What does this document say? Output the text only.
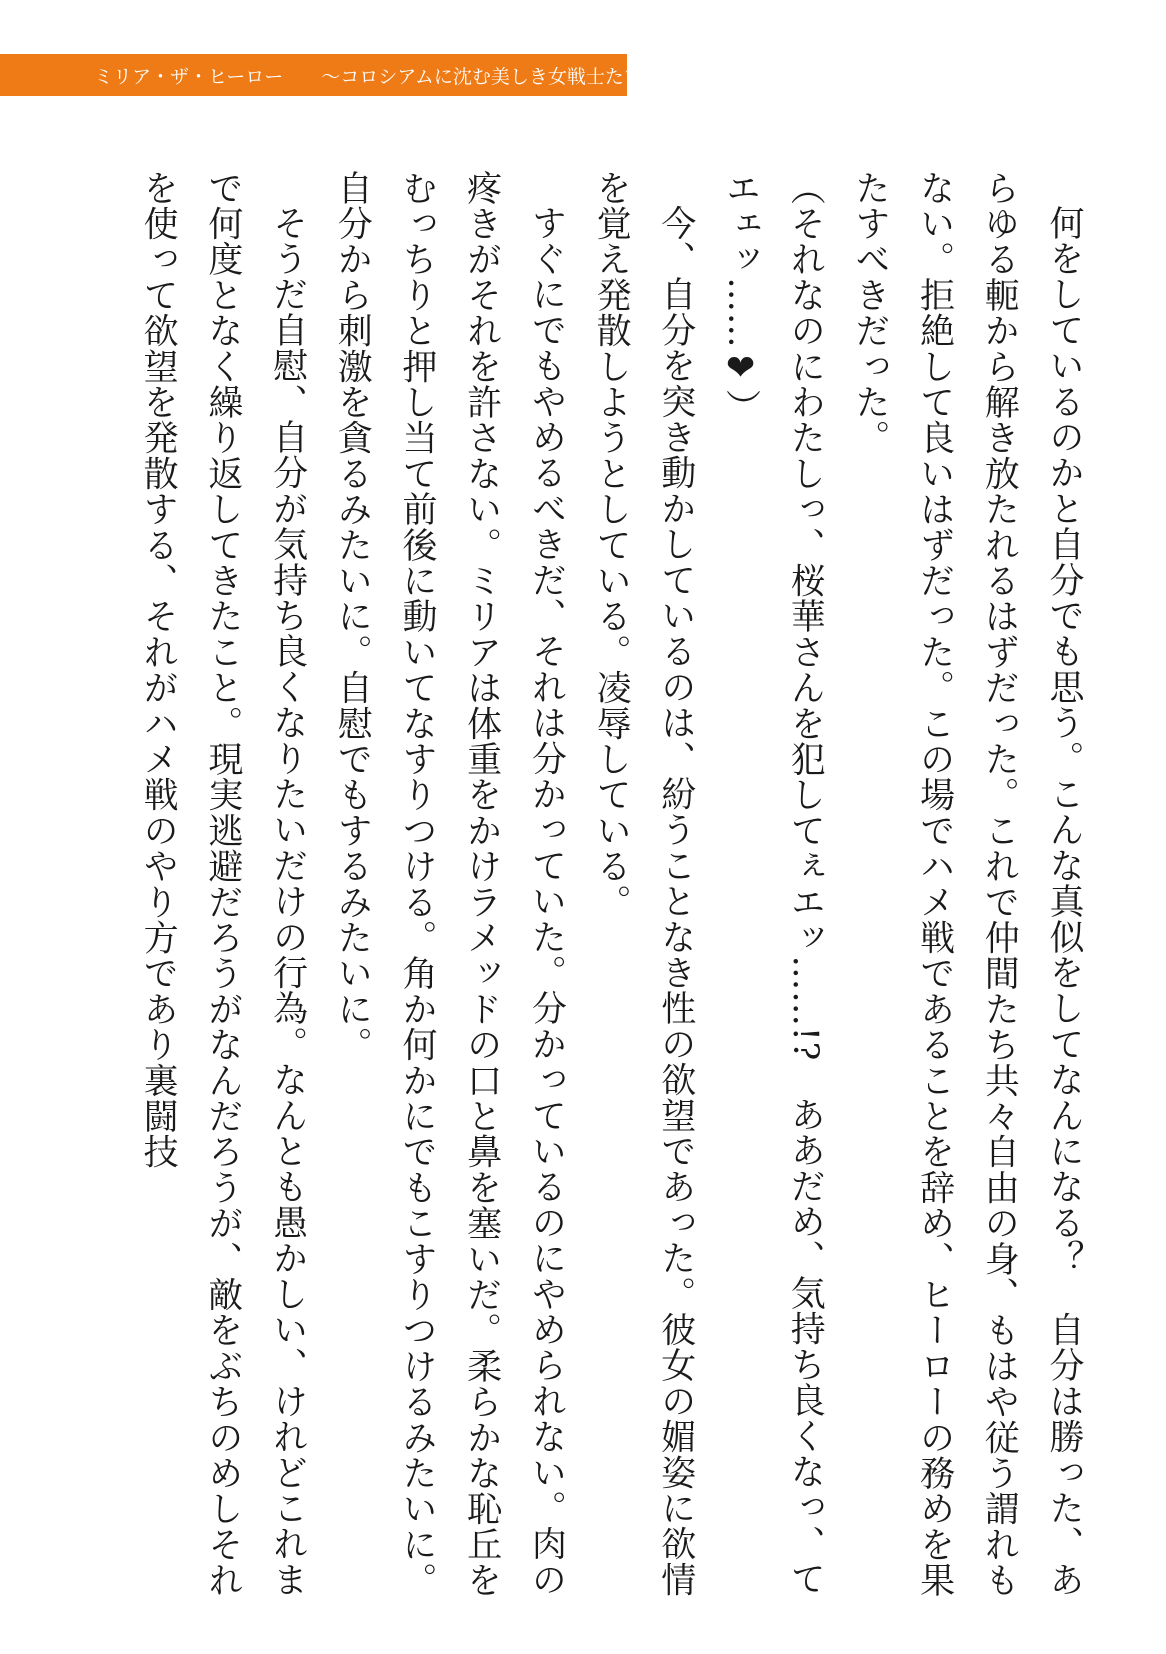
ミリア・ザ・ヒーロー 〜コロシアムに沈む美しき女戦士たち〜

何をしているのかと自分でも思う。こんな真似をしてなんになる？　自分は勝った、あらゆる軛から解き放たれるはずだった。これで仲間たち共々自由の身、もはや従う謂れもない。拒絶して良いはずだった。この場でハメ戦であることを辞め、ヒーローの務めを果たすべきだった。

（それなのにわたしっ、桜華さんを犯してぇエッ……!?　ああだめ、気持ち良くなっ、てエェッ……❤）

今、自分を突き動かしているのは、紛うことなき性の欲望であった。彼女の媚姿に欲情を覚え発散しようとしている。凌辱している。

すぐにでもやめるべきだ、それは分かっていた。分かっているのにやめられない。肉の疼きがそれを許さない。ミリアは体重をかけラメッドの口と鼻を塞いだ。柔らかな恥丘をむっちりと押し当て前後に動いてなすりつける。角か何かにでもこすりつけるみたいに。自分から刺激を貪るみたいに。自慰でもするみたいに。

そうだ自慰、自分が気持ち良くなりたいだけの行為。なんとも愚かしい、けれどこれまで何度となく繰り返してきたこと。現実逃避だろうがなんだろうが、敵をぶちのめしそれを使って欲望を発散する、それがハメ戦のやり方であり裏闘技
